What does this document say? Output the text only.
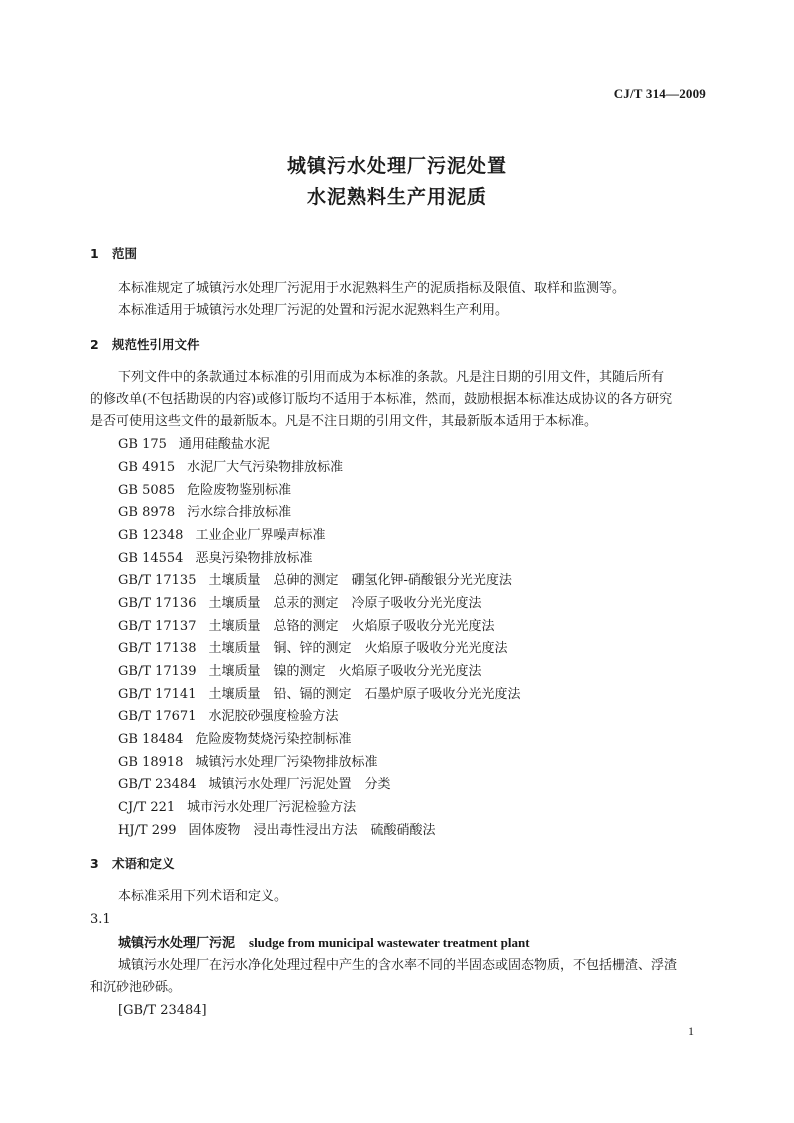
CJ/T 314—2009
城镇污水处理厂污泥处置
水泥熟料生产用泥质
1 范围
本标准规定了城镇污水处理厂污泥用于水泥熟料生产的泥质指标及限值、取样和监测等。
本标准适用于城镇污水处理厂污泥的处置和污泥水泥熟料生产利用。
2 规范性引用文件
下列文件中的条款通过本标准的引用而成为本标准的条款。凡是注日期的引用文件，其随后所有
的修改单(不包括勘误的内容)或修订版均不适用于本标准，然而，鼓励根据本标准达成协议的各方研究
是否可使用这些文件的最新版本。凡是不注日期的引用文件，其最新版本适用于本标准。
GB 175 通用硅酸盐水泥
GB 4915 水泥厂大气污染物排放标准
GB 5085 危险废物鉴别标准
GB 8978 污水综合排放标准
GB 12348 工业企业厂界噪声标准
GB 14554 恶臭污染物排放标准
GB/T 17135 土壤质量　总砷的测定　硼氢化钾-硝酸银分光光度法
GB/T 17136 土壤质量　总汞的测定　冷原子吸收分光光度法
GB/T 17137 土壤质量　总铬的测定　火焰原子吸收分光光度法
GB/T 17138 土壤质量　铜、锌的测定　火焰原子吸收分光光度法
GB/T 17139 土壤质量　镍的测定　火焰原子吸收分光光度法
GB/T 17141 土壤质量　铅、镉的测定　石墨炉原子吸收分光光度法
GB/T 17671 水泥胶砂强度检验方法
GB 18484 危险废物焚烧污染控制标准
GB 18918 城镇污水处理厂污染物排放标准
GB/T 23484 城镇污水处理厂污泥处置　分类
CJ/T 221 城市污水处理厂污泥检验方法
HJ/T 299 固体废物　浸出毒性浸出方法　硫酸硝酸法
3 术语和定义
本标准采用下列术语和定义。
3.1
城镇污水处理厂污泥 sludge from municipal wastewater treatment plant
城镇污水处理厂在污水净化处理过程中产生的含水率不同的半固态或固态物质，不包括栅渣、浮渣
和沉砂池砂砾。
[GB/T 23484]
1
